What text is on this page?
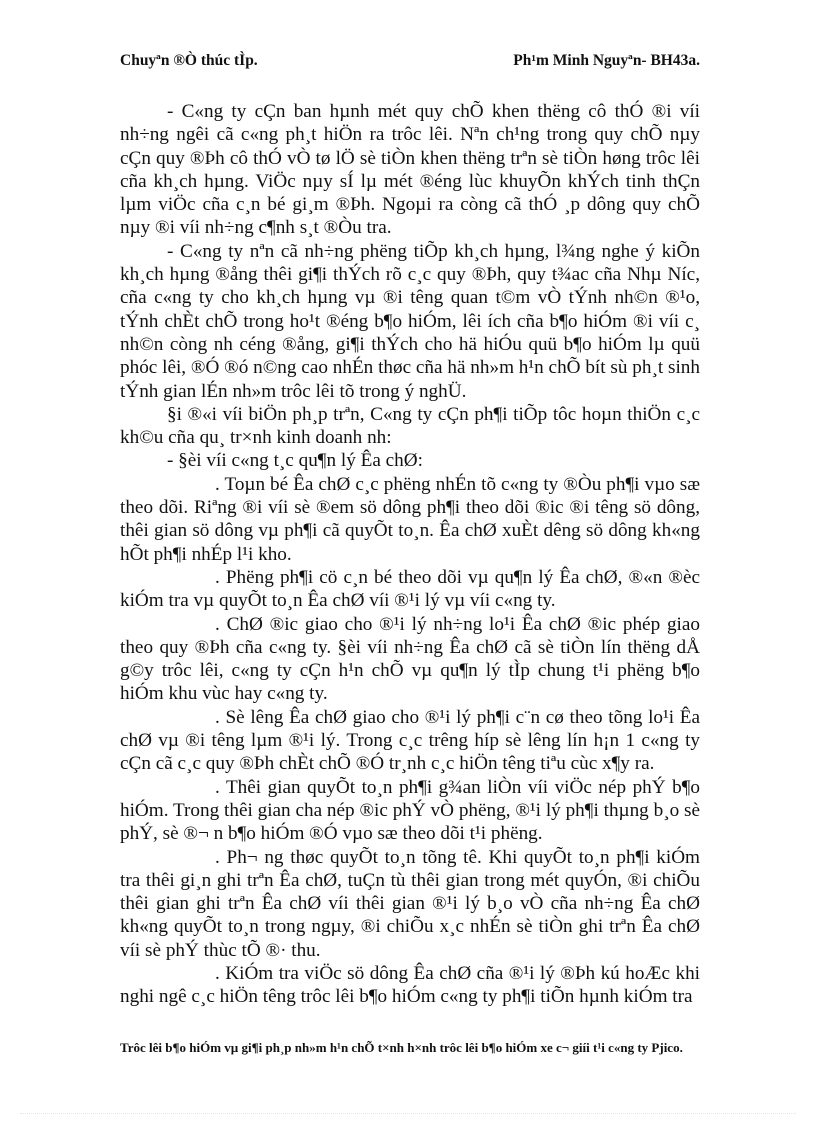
Chuyªn ®Ò thúc tÌp.	Ph¹m Minh Nguyªn- BH43a.

- C«ng ty cÇn ban hµnh mét quy chÕ khen thëng cô thÓ ®i víi nh÷ng ngêi cã c«ng ph¸t hiÖn ra trôc lêi. Nªn ch¹ng trong quy chÕ nµy cÇn quy ®Þh cô thÓ vÒ tø lÖ sè tiÒn khen thëng trªn sè tiÒn høng trôc lêi cña kh¸ch hµng. ViÖc nµy sÍ lµ mét ®éng lùc khuyÕn khÝch tinh thÇn lµm viÖc cña c¸n bé gi¸m ®Þh. Ngoµi ra còng cã thÓ ¸p dông quy chÕ nµy ®i víi nh÷ng c¶nh s¸t ®Òu tra.

- C«ng ty nªn cã nh÷ng phëng tiÕp kh¸ch hµng, l¾ng nghe ý kiÕn kh¸ch hµng ®ång thêi gi¶i thÝch rõ c¸c quy ®Þh, quy t¾ac cña Nhµ Níc, cña c«ng ty cho kh¸ch hµng vµ ®i têng quan t©m vÒ tÝnh nh©n ®¹o, tÝnh chÈt chÕ trong ho¹t ®éng b¶o hiÓm, lêi ích cña b¶o hiÓm ®i víi c¸ nh©n còng nh céng ®ång, gi¶i thÝch cho hä hiÓu quü b¶o hiÓm lµ quü phóc lêi, ®Ó ®ó n©ng cao nhÉn thøc cña hä nh»m h¹n chÕ bít sù ph¸t sinh tÝnh gian lÉn nh»m trôc lêi tõ trong ý nghÜ.

§i ®«i víi biÖn ph¸p trªn, C«ng ty cÇn ph¶i tiÕp tôc hoµn thiÖn c¸c kh©u cña qu¸ tr×nh kinh doanh nh:

- §èi víi c«ng t¸c qu¶n lý Êa chØ:

. Toµn bé Êa chØ c¸c phëng nhÉn tõ c«ng ty ®Òu ph¶i vµo sæ theo dõi. Riªng ®i víi sè ®em sö dông ph¶i theo dõi ®ic ®i têng sö dông, thêi gian sö dông vµ ph¶i cã quyÕt to¸n. Êa chØ xuÈt dêng sö dông kh«ng hÕt ph¶i nhÉp l¹i kho.

. Phëng ph¶i cö c¸n bé theo dõi vµ qu¶n lý Êa chØ, ®«n ®èc kiÓm tra vµ quyÕt to¸n Êa chØ víi ®¹i lý vµ víi c«ng ty.

. ChØ ®ic giao cho ®¹i lý nh÷ng lo¹i Êa chØ ®ic phép giao theo quy ®Þh cña c«ng ty. §èi víi nh÷ng Êa chØ cã sè tiÒn lín thëng dÅ g©y trôc lêi, c«ng ty cÇn h¹n chÕ vµ qu¶n lý tÌp chung t¹i phëng b¶o hiÓm khu vùc hay c«ng ty.

. Sè lêng Êa chØ giao cho ®¹i lý ph¶i c¨n cø theo tõng lo¹i Êa chØ vµ ®i têng lµm ®¹i lý. Trong c¸c trêng híp sè lêng lín h¡n 1 c«ng ty cÇn cã c¸c quy ®Þh chÈt chÕ ®Ó tr¸nh c¸c hiÖn têng tiªu cùc x¶y ra.

. Thêi gian quyÕt to¸n ph¶i g¾an liÒn víi viÖc nép phÝ b¶o hiÓm. Trong thêi gian cha nép ®ic phÝ vÒ phëng, ®¹i lý ph¶i thµng b¸o sè phÝ, sè ®¬ n b¶o hiÓm ®Ó vµo sæ theo dõi t¹i phëng.

. Ph¬ ng thøc quyÕt to¸n tõng tê. Khi quyÕt to¸n ph¶i kiÓm tra thêi gi¸n ghi trªn Êa chØ, tuÇn tù thêi gian trong mét quyÓn, ®i chiÕu thêi gian ghi trªn Êa chØ víi thêi gian ®¹i lý b¸o vÒ cña nh÷ng Êa chØ kh«ng quyÕt to¸n trong ngµy, ®i chiÕu x¸c nhÉn sè tiÒn ghi trªn Êa chØ víi sè phÝ thùc tÕ ®· thu.

. KiÓm tra viÖc sö dông Êa chØ cña ®¹i lý ®Þh kú hoÆc khi nghi ngê c¸c hiÖn têng trôc lêi b¶o hiÓm c«ng ty ph¶i tiÕn hµnh kiÓm tra

Trôc lêi b¶o hiÓm vµ gi¶i ph¸p nh»m h¹n chÕ t×nh h×nh trôc lêi b¶o hiÓm xe c¬ giíi t¹i c«ng ty Pjico.
